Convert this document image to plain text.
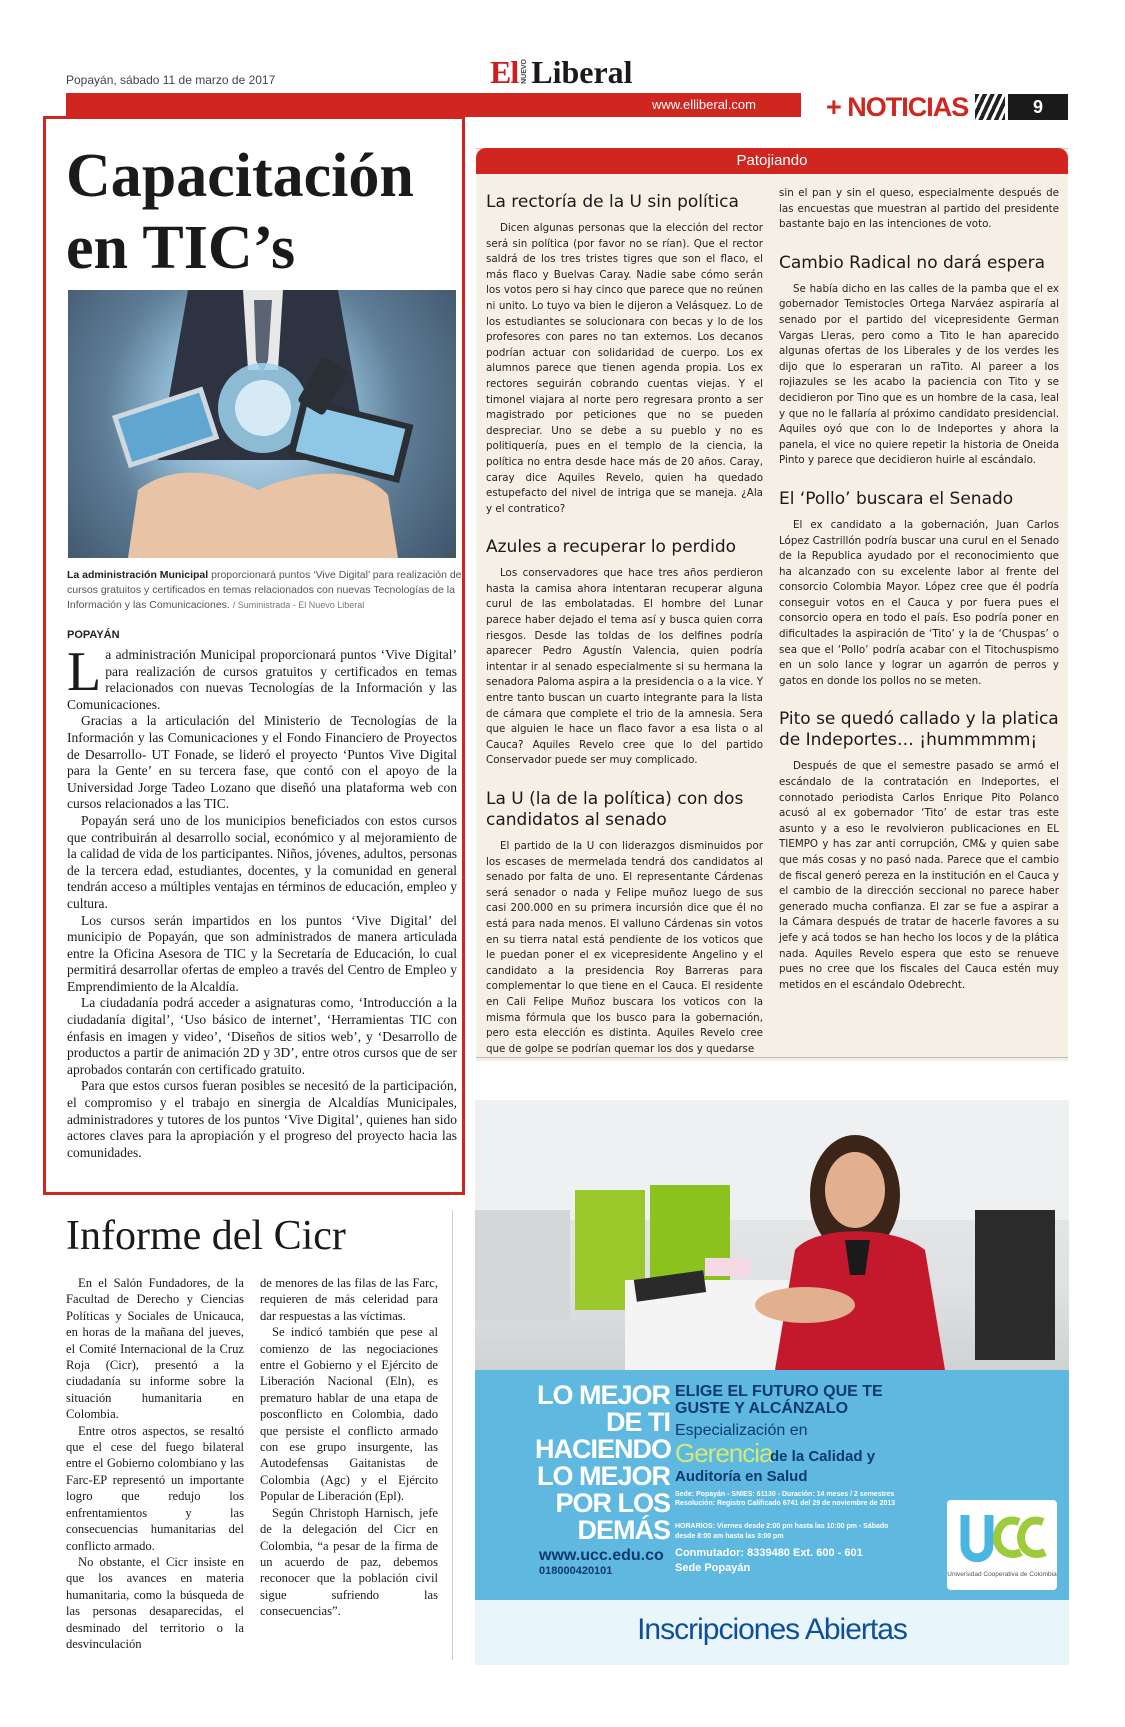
Popayán, sábado 11 de marzo de 2017	El NUEVO Liberal
www.elliberal.com	+ NOTICIAS	9
Capacitación
en TIC’s
La administración Municipal proporcionará puntos ‘Vive Digital’ para realización de cursos gratuitos y certificados en temas relacionados con nuevas Tecnologías de la Información y las Comunicaciones. / Suministrada - El Nuevo Liberal
POPAYÁN

La administración Municipal proporcionará puntos ‘Vive Digital’ para realización de cursos gratuitos y certificados en temas relacionados con nuevas Tecnologías de la Información y las Comunicaciones.

Gracias a la articulación del Ministerio de Tecnologías de la Información y las Comunicaciones y el Fondo Financiero de Proyectos de Desarrollo- UT Fonade, se lideró el proyecto ‘Puntos Vive Digital para la Gente’ en su tercera fase, que contó con el apoyo de la Universidad Jorge Tadeo Lozano que diseñó una plataforma web con cursos relacionados a las TIC.

Popayán será uno de los municipios beneficiados con estos cursos que contribuirán al desarrollo social, económico y al mejoramiento de la calidad de vida de los participantes. Niños, jóvenes, adultos, personas de la tercera edad, estudiantes, docentes, y la comunidad en general tendrán acceso a múltiples ventajas en términos de educación, empleo y cultura.

Los cursos serán impartidos en los puntos ‘Vive Digital’ del municipio de Popayán, que son administrados de manera articulada entre la Oficina Asesora de TIC y la Secretaría de Educación, lo cual permitirá desarrollar ofertas de empleo a través del Centro de Empleo y Emprendimiento de la Alcaldía.

La ciudadanía podrá acceder a asignaturas como, ‘Introducción a la ciudadanía digital’, ‘Uso básico de internet’, ‘Herramientas TIC con énfasis en imagen y video’, ‘Diseños de sitios web’, y ‘Desarrollo de productos a partir de animación 2D y 3D’, entre otros cursos que de ser aprobados contarán con certificado gratuito.

Para que estos cursos fueran posibles se necesitó de la participación, el compromiso y el trabajo en sinergia de Alcaldías Municipales, administradores y tutores de los puntos ‘Vive Digital’, quienes han sido actores claves para la apropiación y el progreso del proyecto hacia las comunidades.

Patojiando
La rectoría de la U sin política

Dicen algunas personas que la elección del rector será sin política (por favor no se rían). Que el rector saldrá de los tres tristes tigres que son el flaco, el más flaco y Buelvas Caray. Nadie sabe cómo serán los votos pero si hay cinco que parece que no reúnen ni unito. Lo tuyo va bien le dijeron a Velásquez. Lo de los estudiantes se solucionara con becas y lo de los profesores con pares no tan externos. Los decanos podrían actuar con solidaridad de cuerpo. Los ex alumnos parece que tienen agenda propia. Los ex rectores seguirán cobrando cuentas viejas. Y el timonel viajara al norte pero regresara pronto a ser magistrado por peticiones que no se pueden despreciar. Uno se debe a su pueblo y no es politiquería, pues en el templo de la ciencia, la política no entra desde hace más de 20 años. Caray, caray dice Aquiles Revelo, quien ha quedado estupefacto del nivel de intriga que se maneja. ¿Ala y el contratico?

Azules a recuperar lo perdido

Los conservadores que hace tres años perdieron hasta la camisa ahora intentaran recuperar alguna curul de las embolatadas. El hombre del Lunar parece haber dejado el tema así y busca quien corra riesgos. Desde las toldas de los delfines podría aparecer Pedro Agustín Valencia, quien podría intentar ir al senado especialmente si su hermana la senadora Paloma aspira a la presidencia o a la vice. Y entre tanto buscan un cuarto integrante para la lista de cámara que complete el trio de la amnesia. Sera que alguien le hace un flaco favor a esa lista o al Cauca? Aquiles Revelo cree que lo del partido Conservador puede ser muy complicado.

La U (la de la política) con dos candidatos al senado

El partido de la U con liderazgos disminuidos por los escases de mermelada tendrá dos candidatos al senado por falta de uno. El representante Cárdenas será senador o nada y Felipe muñoz luego de sus casi 200.000 en su primera incursión dice que él no está para nada menos. El valluno Cárdenas sin votos en su tierra natal está pendiente de los voticos que le puedan poner el ex vicepresidente Angelino y el candidato a la presidencia Roy Barreras para complementar lo que tiene en el Cauca. El residente en Cali Felipe Muñoz buscara los voticos con la misma fórmula que los busco para la gobernación, pero esta elección es distinta. Aquiles Revelo cree que de golpe se podrían quemar los dos y quedarse

sin el pan y sin el queso, especialmente después de las encuestas que muestran al partido del presidente bastante bajo en las intenciones de voto.

Cambio Radical no dará espera

Se había dicho en las calles de la pamba que el ex gobernador Temistocles Ortega Narváez aspiraría al senado por el partido del vicepresidente German Vargas Lleras, pero como a Tito le han aparecido algunas ofertas de los Liberales y de los verdes les dijo que lo esperaran un raTito. Al pareer a los rojiazules se les acabo la paciencia con Tito y se decidieron por Tino que es un hombre de la casa, leal y que no le fallaría al próximo candidato presidencial. Aquiles oyó que con lo de Indeportes y ahora la panela, el vice no quiere repetir la historia de Oneida Pinto y parece que decidieron huirle al escándalo.

El ‘Pollo’ buscara el Senado

El ex candidato a la gobernación, Juan Carlos López Castrillón podría buscar una curul en el Senado de la Republica ayudado por el reconocimiento que ha alcanzado con su excelente labor al frente del consorcio Colombia Mayor. López cree que él podría conseguir votos en el Cauca y por fuera pues el consorcio opera en todo el país. Eso podría poner en dificultades la aspiración de ‘Tito’ y la de ‘Chuspas’ o sea que el ‘Pollo’ podría acabar con el Titochuspismo en un solo lance y lograr un agarrón de perros y gatos en donde los pollos no se meten.

Pito se quedó callado y la platica de Indeportes… ¡hummmmm¡

Después de que el semestre pasado se armó el escándalo de la contratación en Indeportes, el connotado periodista Carlos Enrique Pito Polanco acusó al ex gobernador ‘Tito’ de estar tras este asunto y a eso le revolvieron publicaciones en EL TIEMPO y has zar anti corrupción, CM& y quien sabe que más cosas y no pasó nada. Parece que el cambio de fiscal generó pereza en la institución en el Cauca y el cambio de la dirección seccional no parece haber generado mucha confianza. El zar se fue a aspirar a la Cámara después de tratar de hacerle favores a su jefe y acá todos se han hecho los locos y de la plática nada. Aquiles Revelo espera que esto se renueve pues no cree que los fiscales del Cauca estén muy metidos en el escándalo Odebrecht.

LO MEJOR
DE TI
HACIENDO
LO MEJOR
POR LOS
DEMÁS
ELIGE EL FUTURO QUE TE GUSTE Y ALCÁNZALO
Especialización en
Gerencia
de la Calidad y
Auditoría en Salud
Sede: Popayán - SNIES: 61130 - Duración: 14 meses / 2 semestres
Resolución: Registro Calificado 6741 del 29 de noviembre de 2013
HORARIOS: Viernes desde 2:00 pm hasta las 10:00 pm - Sábado desde 8:00 am hasta las 3:00 pm
www.ucc.edu.co
018000420101
Conmutador: 8339480 Ext. 600 - 601
Sede Popayán
Universidad Cooperativa de Colombia
Inscripciones Abiertas
Informe del Cicr

En el Salón Fundadores, de la Facultad de Derecho y Ciencias Políticas y Sociales de Unicauca, en horas de la mañana del jueves, el Comité Internacional de la Cruz Roja (Cicr), presentó a la ciudadanía su informe sobre la situación humanitaria en Colombia.

Entre otros aspectos, se resaltó que el cese del fuego bilateral entre el Gobierno colombiano y las Farc-EP representó un importante logro que redujo los enfrentamientos y las consecuencias humanitarias del conflicto armado.

No obstante, el Cicr insiste en que los avances en materia humanitaria, como la búsqueda de las personas desaparecidas, el desminado del territorio o la desvinculación

de menores de las filas de las Farc, requieren de más celeridad para dar respuestas a las víctimas.

Se indicó también que pese al comienzo de las negociaciones entre el Gobierno y el Ejército de Liberación Nacional (Eln), es prematuro hablar de una etapa de posconflicto en Colombia, dado que persiste el conflicto armado con ese grupo insurgente, las Autodefensas Gaitanistas de Colombia (Agc) y el Ejército Popular de Liberación (Epl).

Según Christoph Harnisch, jefe de la delegación del Cicr en Colombia, “a pesar de la firma de un acuerdo de paz, debemos reconocer que la población civil sigue sufriendo las consecuencias”.
